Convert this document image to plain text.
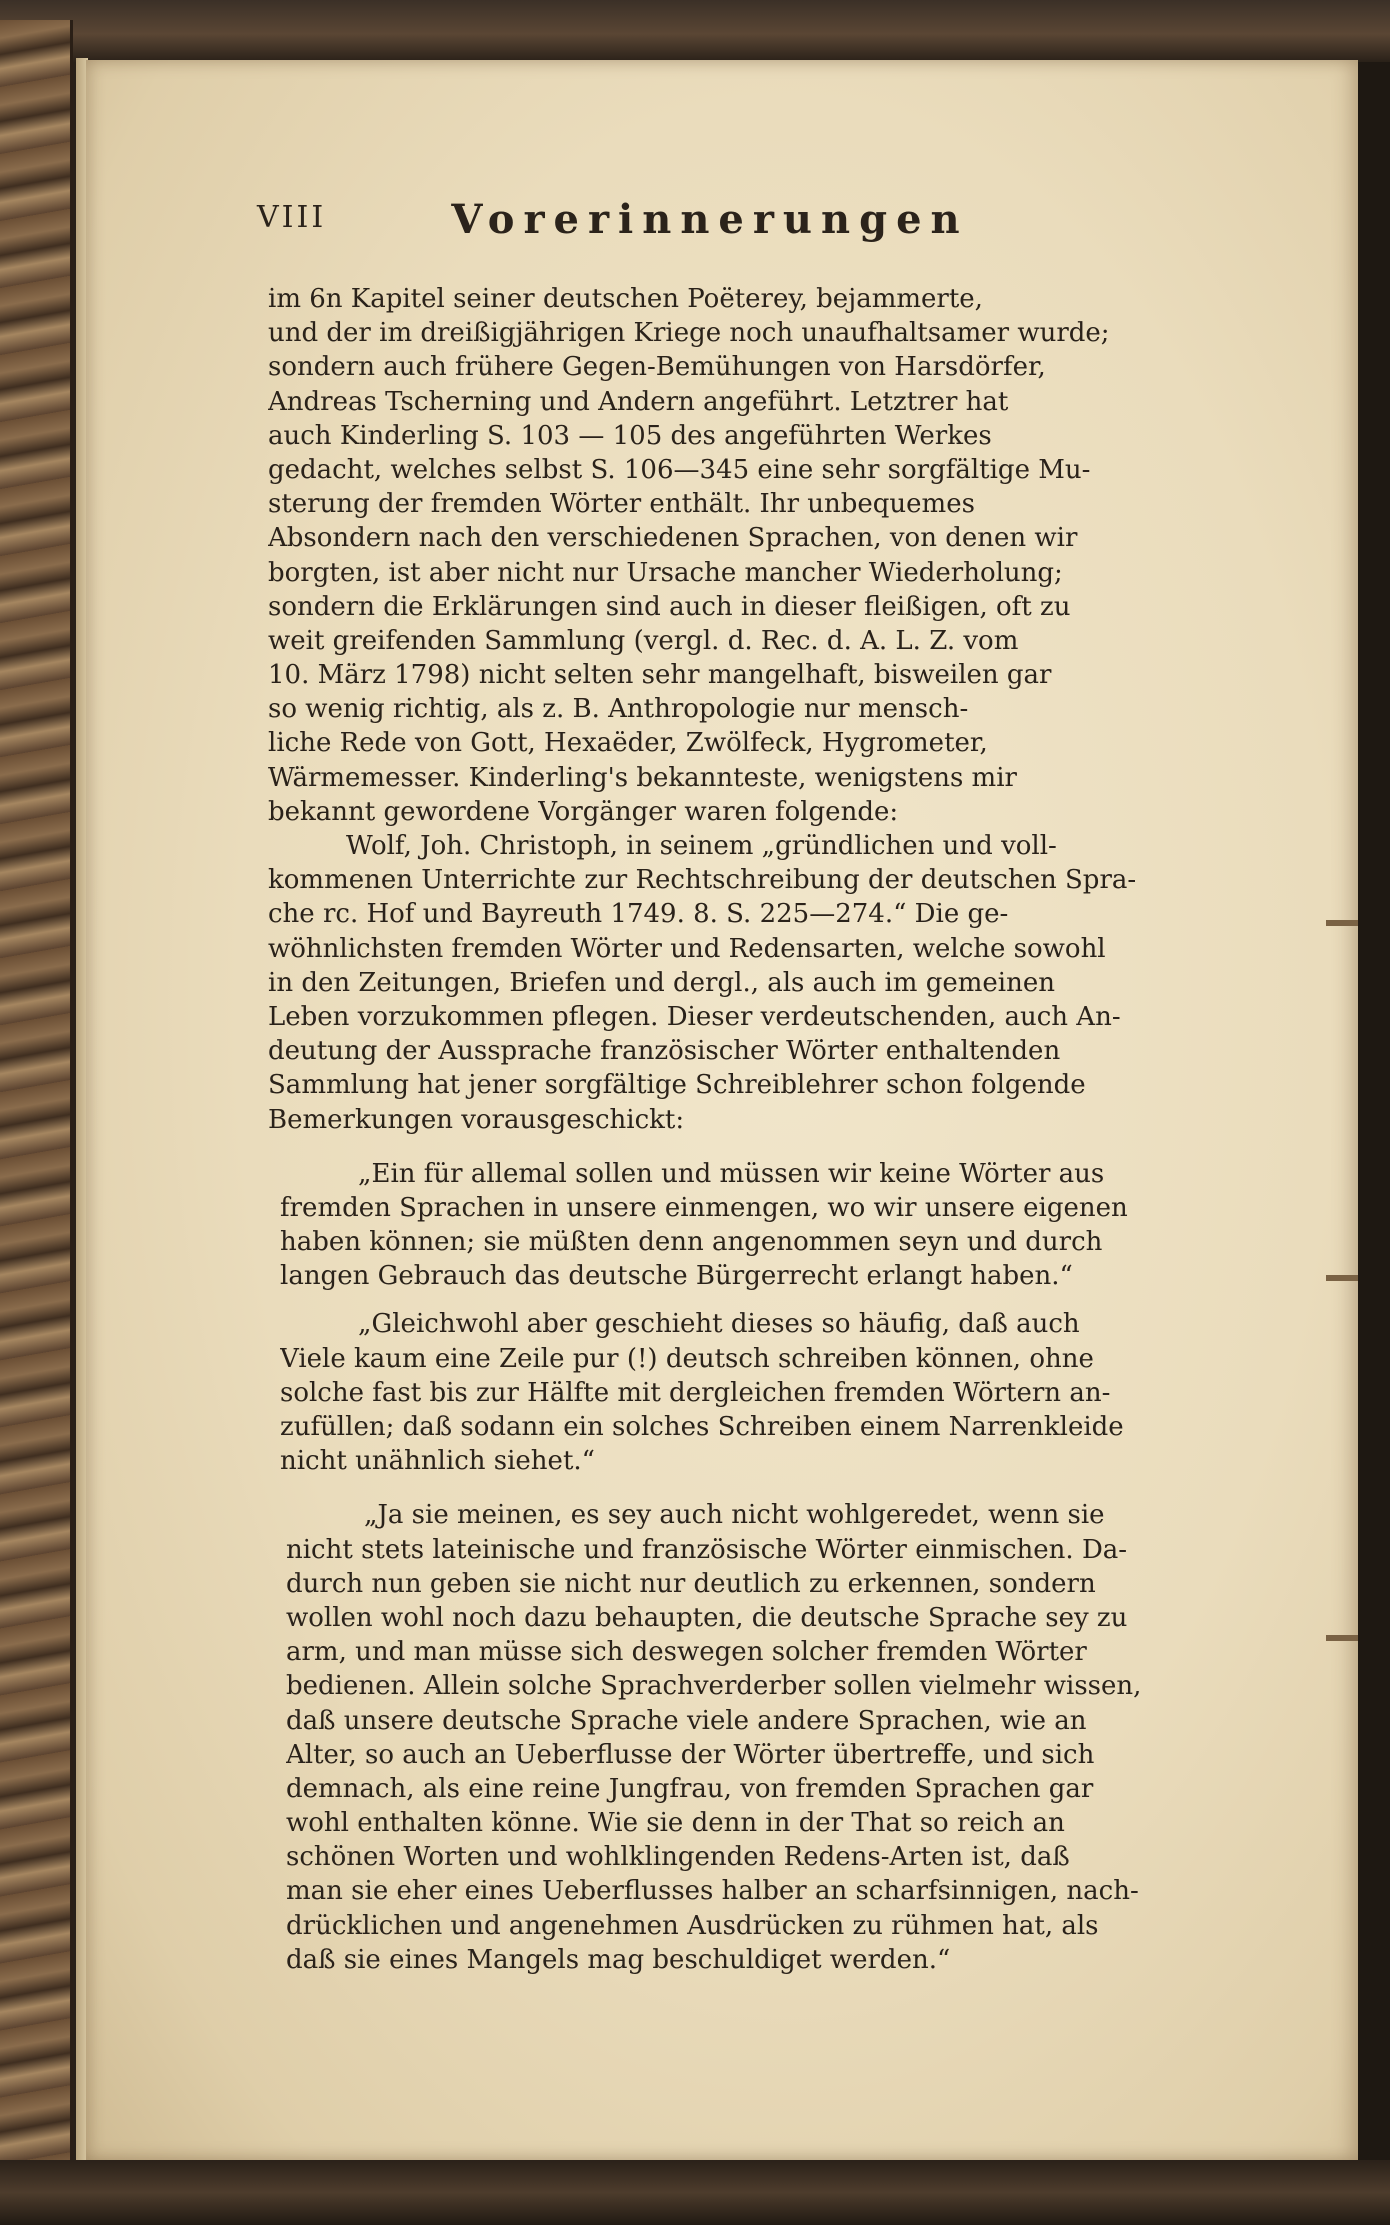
VIII	Vorerinnerungen
im 6n Kapitel seiner deutschen Poëterey, bejammerte,
und der im dreißigjährigen Kriege noch unaufhaltsamer wurde;
sondern auch frühere Gegen-Bemühungen von Harsdörfer,
Andreas Tscherning und Andern angeführt. Letztrer hat
auch Kinderling S. 103 — 105 des angeführten Werkes
gedacht, welches selbst S. 106—345 eine sehr sorgfältige Mu-
sterung der fremden Wörter enthält. Ihr unbequemes
Absondern nach den verschiedenen Sprachen, von denen wir
borgten, ist aber nicht nur Ursache mancher Wiederholung;
sondern die Erklärungen sind auch in dieser fleißigen, oft zu
weit greifenden Sammlung (vergl. d. Rec. d. A. L. Z. vom
10. März 1798) nicht selten sehr mangelhaft, bisweilen gar
so wenig richtig, als z. B. Anthropologie nur mensch-
liche Rede von Gott, Hexaëder, Zwölfeck, Hygrometer,
Wärmemesser. Kinderling's bekannteste, wenigstens mir
bekannt gewordene Vorgänger waren folgende:
Wolf, Joh. Christoph, in seinem „gründlichen und voll-
kommenen Unterrichte zur Rechtschreibung der deutschen Spra-
che rc. Hof und Bayreuth 1749. 8. S. 225—274.“ Die ge-
wöhnlichsten fremden Wörter und Redensarten, welche sowohl
in den Zeitungen, Briefen und dergl., als auch im gemeinen
Leben vorzukommen pflegen. Dieser verdeutschenden, auch An-
deutung der Aussprache französischer Wörter enthaltenden
Sammlung hat jener sorgfältige Schreiblehrer schon folgende
Bemerkungen vorausgeschickt:
„Ein für allemal sollen und müssen wir keine Wörter aus
fremden Sprachen in unsere einmengen, wo wir unsere eigenen
haben können; sie müßten denn angenommen seyn und durch
langen Gebrauch das deutsche Bürgerrecht erlangt haben.“
„Gleichwohl aber geschieht dieses so häufig, daß auch
Viele kaum eine Zeile pur (!) deutsch schreiben können, ohne
solche fast bis zur Hälfte mit dergleichen fremden Wörtern an-
zufüllen; daß sodann ein solches Schreiben einem Narrenkleide
nicht unähnlich siehet.“
„Ja sie meinen, es sey auch nicht wohlgeredet, wenn sie
nicht stets lateinische und französische Wörter einmischen. Da-
durch nun geben sie nicht nur deutlich zu erkennen, sondern
wollen wohl noch dazu behaupten, die deutsche Sprache sey zu
arm, und man müsse sich deswegen solcher fremden Wörter
bedienen. Allein solche Sprachverderber sollen vielmehr wissen,
daß unsere deutsche Sprache viele andere Sprachen, wie an
Alter, so auch an Ueberflusse der Wörter übertreffe, und sich
demnach, als eine reine Jungfrau, von fremden Sprachen gar
wohl enthalten könne. Wie sie denn in der That so reich an
schönen Worten und wohlklingenden Redens-Arten ist, daß
man sie eher eines Ueberflusses halber an scharfsinnigen, nach-
drücklichen und angenehmen Ausdrücken zu rühmen hat, als
daß sie eines Mangels mag beschuldiget werden.“
